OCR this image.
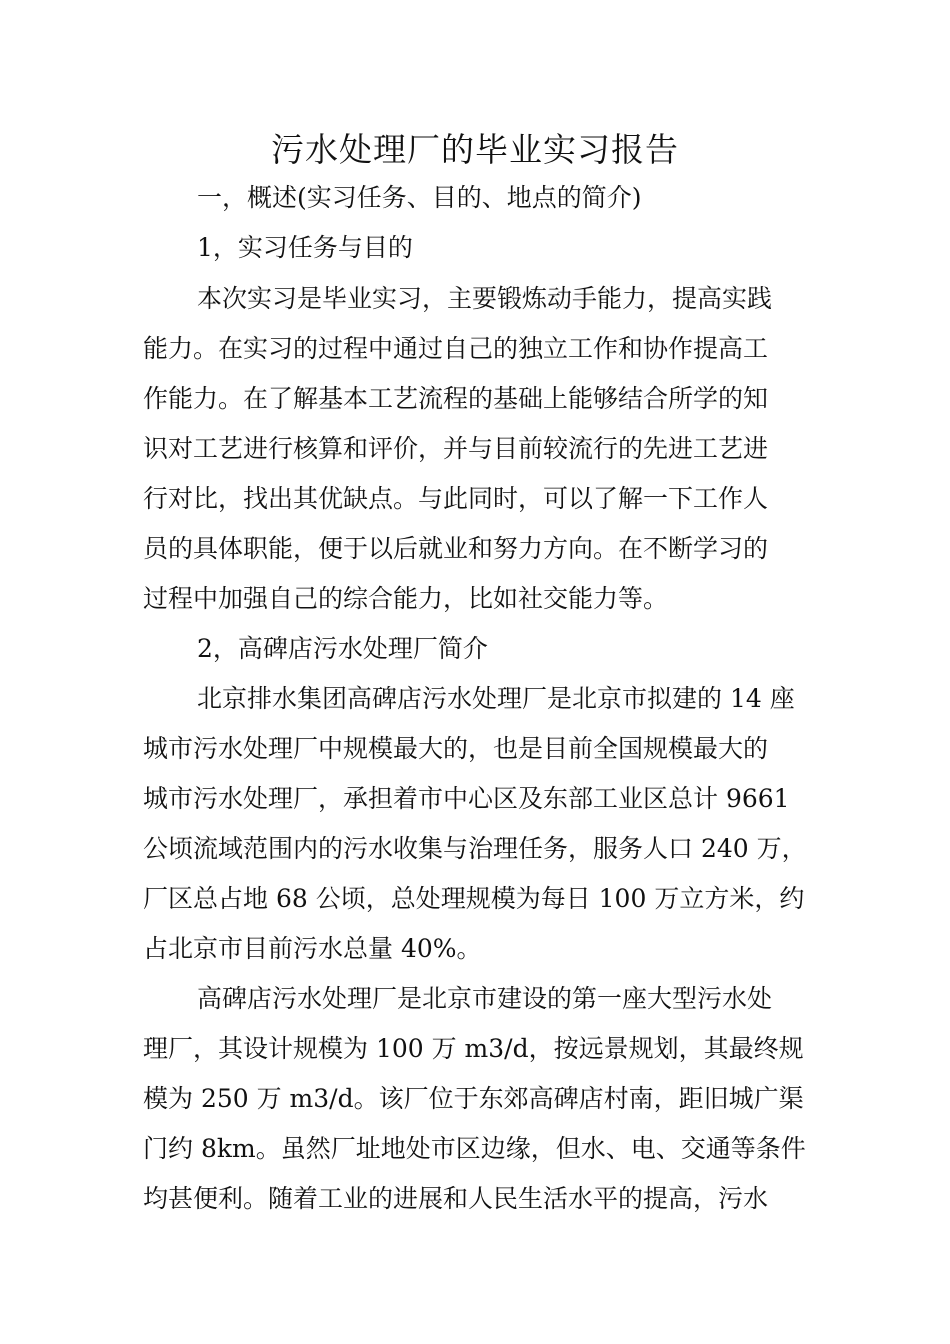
污水处理厂的毕业实习报告
一，概述(实习任务、目的、地点的简介)
1，实习任务与目的
本次实习是毕业实习，主要锻炼动手能力，提高实践
能力。在实习的过程中通过自己的独立工作和协作提高工
作能力。在了解基本工艺流程的基础上能够结合所学的知
识对工艺进行核算和评价，并与目前较流行的先进工艺进
行对比，找出其优缺点。与此同时，可以了解一下工作人
员的具体职能，便于以后就业和努力方向。在不断学习的
过程中加强自己的综合能力，比如社交能力等。
2，高碑店污水处理厂简介
北京排水集团高碑店污水处理厂是北京市拟建的 14 座
城市污水处理厂中规模最大的，也是目前全国规模最大的
城市污水处理厂，承担着市中心区及东部工业区总计 9661
公顷流域范围内的污水收集与治理任务，服务人口 240 万，
厂区总占地 68 公顷，总处理规模为每日 100 万立方米，约
占北京市目前污水总量 40%。
高碑店污水处理厂是北京市建设的第一座大型污水处
理厂，其设计规模为 100 万 m3/d，按远景规划，其最终规
模为 250 万 m3/d。该厂位于东郊高碑店村南，距旧城广渠
门约 8km。虽然厂址地处市区边缘，但水、电、交通等条件
均甚便利。随着工业的进展和人民生活水平的提高，污水
